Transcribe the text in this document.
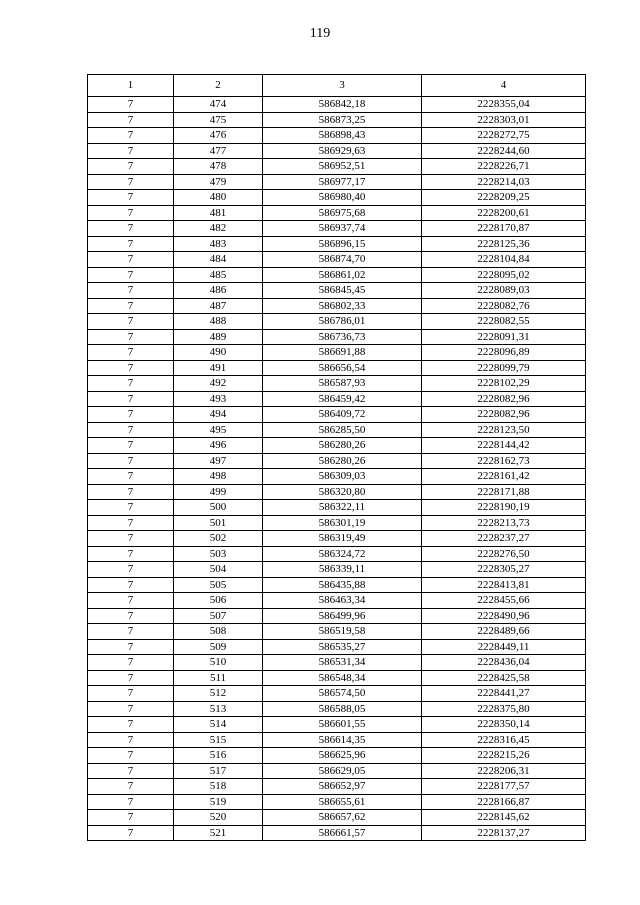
119
1	2	3	4
7	474	586842,18	2228355,04
7	475	586873,25	2228303,01
7	476	586898,43	2228272,75
7	477	586929,63	2228244,60
7	478	586952,51	2228226,71
7	479	586977,17	2228214,03
7	480	586980,40	2228209,25
7	481	586975,68	2228200,61
7	482	586937,74	2228170,87
7	483	586896,15	2228125,36
7	484	586874,70	2228104,84
7	485	586861,02	2228095,02
7	486	586845,45	2228089,03
7	487	586802,33	2228082,76
7	488	586786,01	2228082,55
7	489	586736,73	2228091,31
7	490	586691,88	2228096,89
7	491	586656,54	2228099,79
7	492	586587,93	2228102,29
7	493	586459,42	2228082,96
7	494	586409,72	2228082,96
7	495	586285,50	2228123,50
7	496	586280,26	2228144,42
7	497	586280,26	2228162,73
7	498	586309,03	2228161,42
7	499	586320,80	2228171,88
7	500	586322,11	2228190,19
7	501	586301,19	2228213,73
7	502	586319,49	2228237,27
7	503	586324,72	2228276,50
7	504	586339,11	2228305,27
7	505	586435,88	2228413,81
7	506	586463,34	2228455,66
7	507	586499,96	2228490,96
7	508	586519,58	2228489,66
7	509	586535,27	2228449,11
7	510	586531,34	2228436,04
7	511	586548,34	2228425,58
7	512	586574,50	2228441,27
7	513	586588,05	2228375,80
7	514	586601,55	2228350,14
7	515	586614,35	2228316,45
7	516	586625,96	2228215,26
7	517	586629,05	2228206,31
7	518	586652,97	2228177,57
7	519	586655,61	2228166,87
7	520	586657,62	2228145,62
7	521	586661,57	2228137,27
